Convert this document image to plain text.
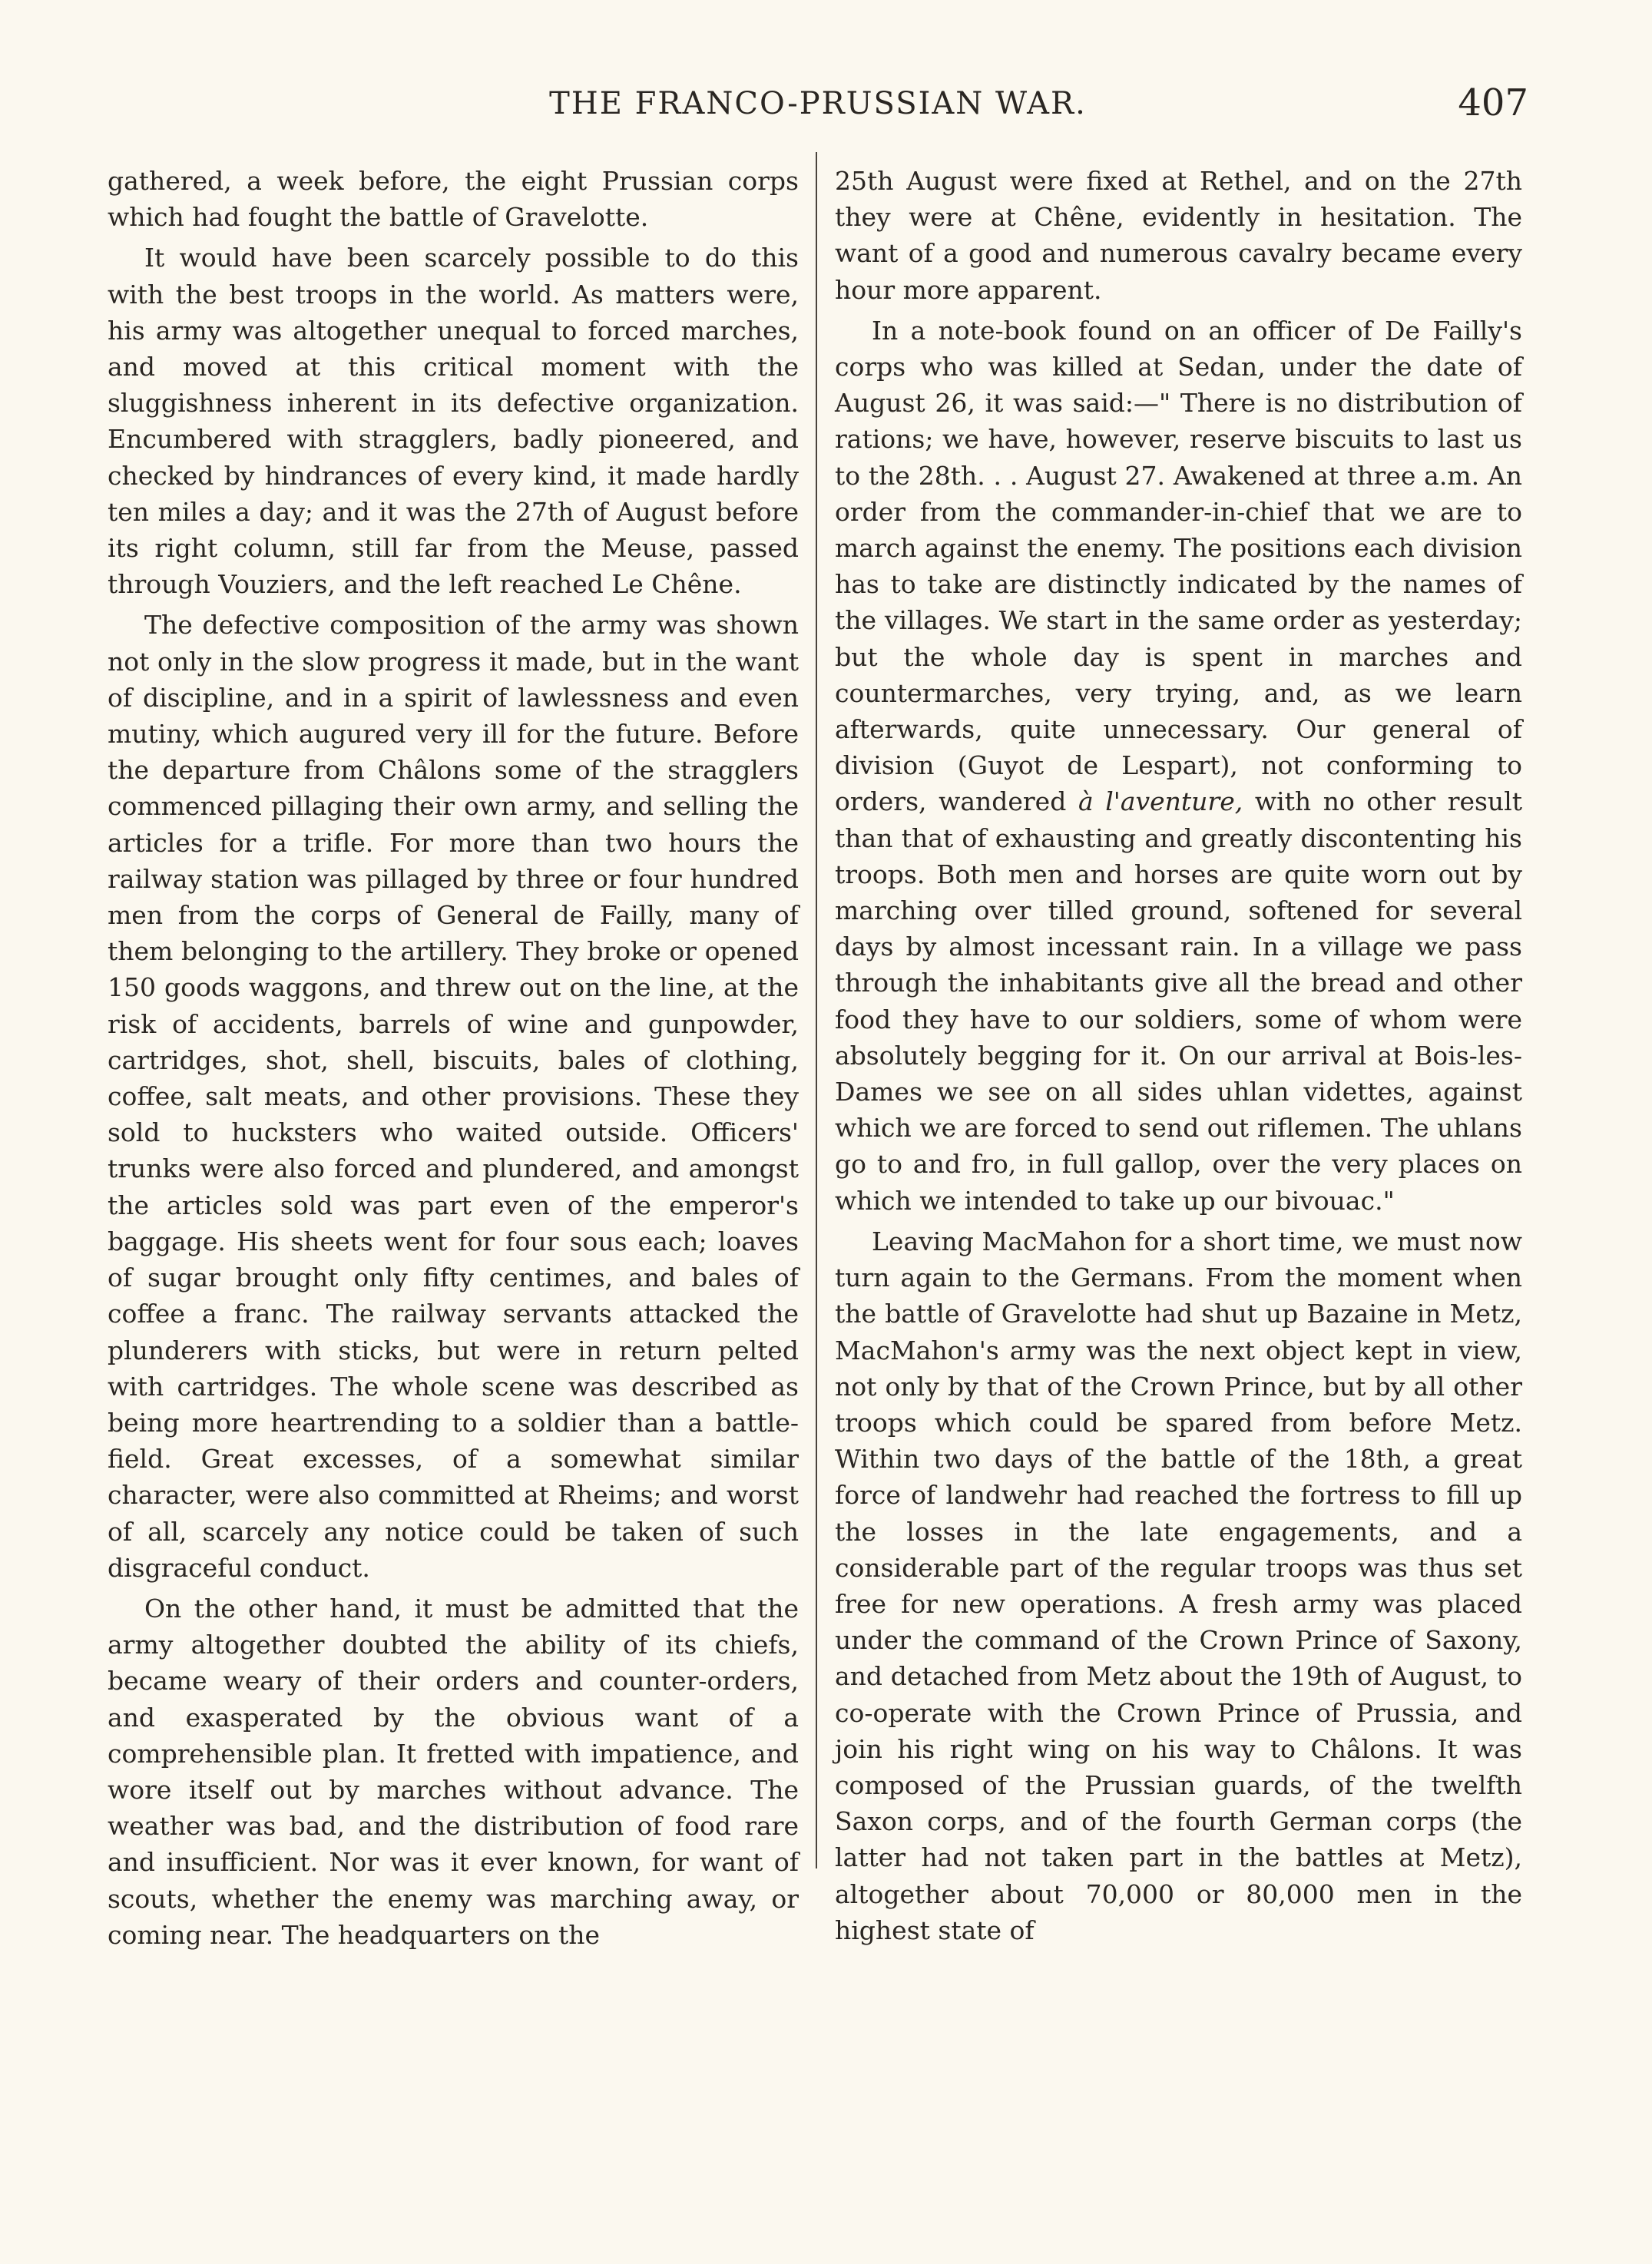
THE FRANCO-PRUSSIAN WAR.	407

gathered, a week before, the eight Prussian corps which had fought the battle of Gravelotte.

It would have been scarcely possible to do this with the best troops in the world. As matters were, his army was altogether unequal to forced marches, and moved at this critical moment with the sluggishness inherent in its defective organization. Encumbered with stragglers, badly pioneered, and checked by hindrances of every kind, it made hardly ten miles a day; and it was the 27th of August before its right column, still far from the Meuse, passed through Vouziers, and the left reached Le Chêne.

The defective composition of the army was shown not only in the slow progress it made, but in the want of discipline, and in a spirit of lawlessness and even mutiny, which augured very ill for the future. Before the departure from Châlons some of the stragglers commenced pillaging their own army, and selling the articles for a trifle. For more than two hours the railway station was pillaged by three or four hundred men from the corps of General de Failly, many of them belonging to the artillery. They broke or opened 150 goods waggons, and threw out on the line, at the risk of accidents, barrels of wine and gunpowder, cartridges, shot, shell, biscuits, bales of clothing, coffee, salt meats, and other provisions. These they sold to hucksters who waited outside. Officers' trunks were also forced and plundered, and amongst the articles sold was part even of the emperor's baggage. His sheets went for four sous each; loaves of sugar brought only fifty centimes, and bales of coffee a franc. The railway servants attacked the plunderers with sticks, but were in return pelted with cartridges. The whole scene was described as being more heartrending to a soldier than a battle-field. Great excesses, of a somewhat similar character, were also committed at Rheims; and worst of all, scarcely any notice could be taken of such disgraceful conduct.

On the other hand, it must be admitted that the army altogether doubted the ability of its chiefs, became weary of their orders and counter-orders, and exasperated by the obvious want of a comprehensible plan. It fretted with impatience, and wore itself out by marches without advance. The weather was bad, and the distribution of food rare and insufficient. Nor was it ever known, for want of scouts, whether the enemy was marching away, or coming near. The headquarters on the

25th August were fixed at Rethel, and on the 27th they were at Chêne, evidently in hesitation. The want of a good and numerous cavalry became every hour more apparent.

In a note-book found on an officer of De Failly's corps who was killed at Sedan, under the date of August 26, it was said:—" There is no distribution of rations; we have, however, reserve biscuits to last us to the 28th. . . August 27. Awakened at three a.m. An order from the commander-in-chief that we are to march against the enemy. The positions each division has to take are distinctly indicated by the names of the villages. We start in the same order as yesterday; but the whole day is spent in marches and countermarches, very trying, and, as we learn afterwards, quite unnecessary. Our general of division (Guyot de Lespart), not conforming to orders, wandered à l'aventure, with no other result than that of exhausting and greatly discontenting his troops. Both men and horses are quite worn out by marching over tilled ground, softened for several days by almost incessant rain. In a village we pass through the inhabitants give all the bread and other food they have to our soldiers, some of whom were absolutely begging for it. On our arrival at Bois-les-Dames we see on all sides uhlan videttes, against which we are forced to send out riflemen. The uhlans go to and fro, in full gallop, over the very places on which we intended to take up our bivouac."

Leaving MacMahon for a short time, we must now turn again to the Germans. From the moment when the battle of Gravelotte had shut up Bazaine in Metz, MacMahon's army was the next object kept in view, not only by that of the Crown Prince, but by all other troops which could be spared from before Metz. Within two days of the battle of the 18th, a great force of landwehr had reached the fortress to fill up the losses in the late engagements, and a considerable part of the regular troops was thus set free for new operations. A fresh army was placed under the command of the Crown Prince of Saxony, and detached from Metz about the 19th of August, to co-operate with the Crown Prince of Prussia, and join his right wing on his way to Châlons. It was composed of the Prussian guards, of the twelfth Saxon corps, and of the fourth German corps (the latter had not taken part in the battles at Metz), altogether about 70,000 or 80,000 men in the highest state of
